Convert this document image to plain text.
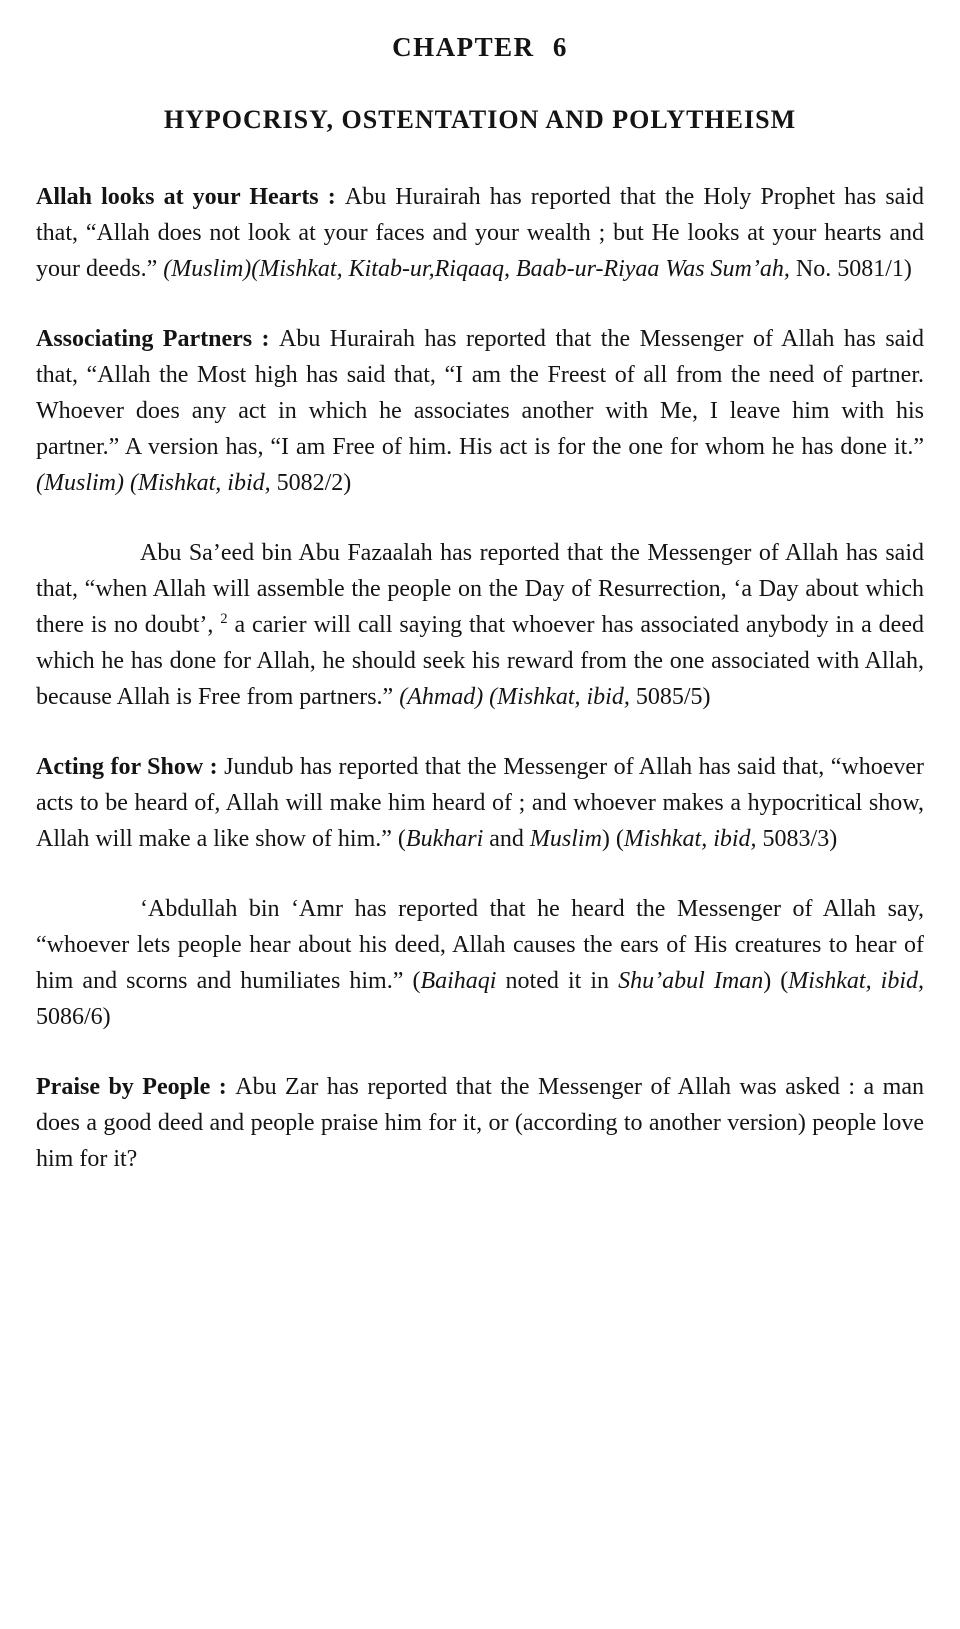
CHAPTER 6
HYPOCRISY, OSTENTATION AND POLYTHEISM

Allah looks at your Hearts : Abu Hurairah has reported that the Holy Prophet has said that, “Allah does not look at your faces and your wealth ; but He looks at your hearts and your deeds.” (Muslim)(Mishkat, Kitab-ur,Riqaaq, Baab-ur-Riyaa Was Sum’ah, No. 5081/1)

Associating Partners : Abu Hurairah has reported that the Messenger of Allah has said that, “Allah the Most high has said that, “I am the Freest of all from the need of partner. Whoever does any act in which he associates another with Me, I leave him with his partner.” A version has, “I am Free of him. His act is for the one for whom he has done it.” (Muslim) (Mishkat, ibid, 5082/2)

Abu Sa’eed bin Abu Fazaalah has reported that the Messenger of Allah has said that, “when Allah will assemble the people on the Day of Resurrection, ‘a Day about which there is no doubt’, $^2$ a carier will call saying that whoever has associated anybody in a deed which he has done for Allah, he should seek his reward from the one associated with Allah, because Allah is Free from partners.” (Ahmad) (Mishkat, ibid, 5085/5)

Acting for Show : Jundub has reported that the Messenger of Allah has said that, “whoever acts to be heard of, Allah will make him heard of ; and whoever makes a hypocritical show, Allah will make a like show of him.” (Bukhari and Muslim) (Mishkat, ibid, 5083/3)

‘Abdullah bin ‘Amr has reported that he heard the Messenger of Allah say, “whoever lets people hear about his deed, Allah causes the ears of His creatures to hear of him and scorns and humiliates him.” (Baihaqi noted it in Shu’abul Iman) (Mishkat, ibid, 5086/6)

Praise by People : Abu Zar has reported that the Messenger of Allah was asked : a man does a good deed and people praise him for it, or (according to another version) people love him for it?
